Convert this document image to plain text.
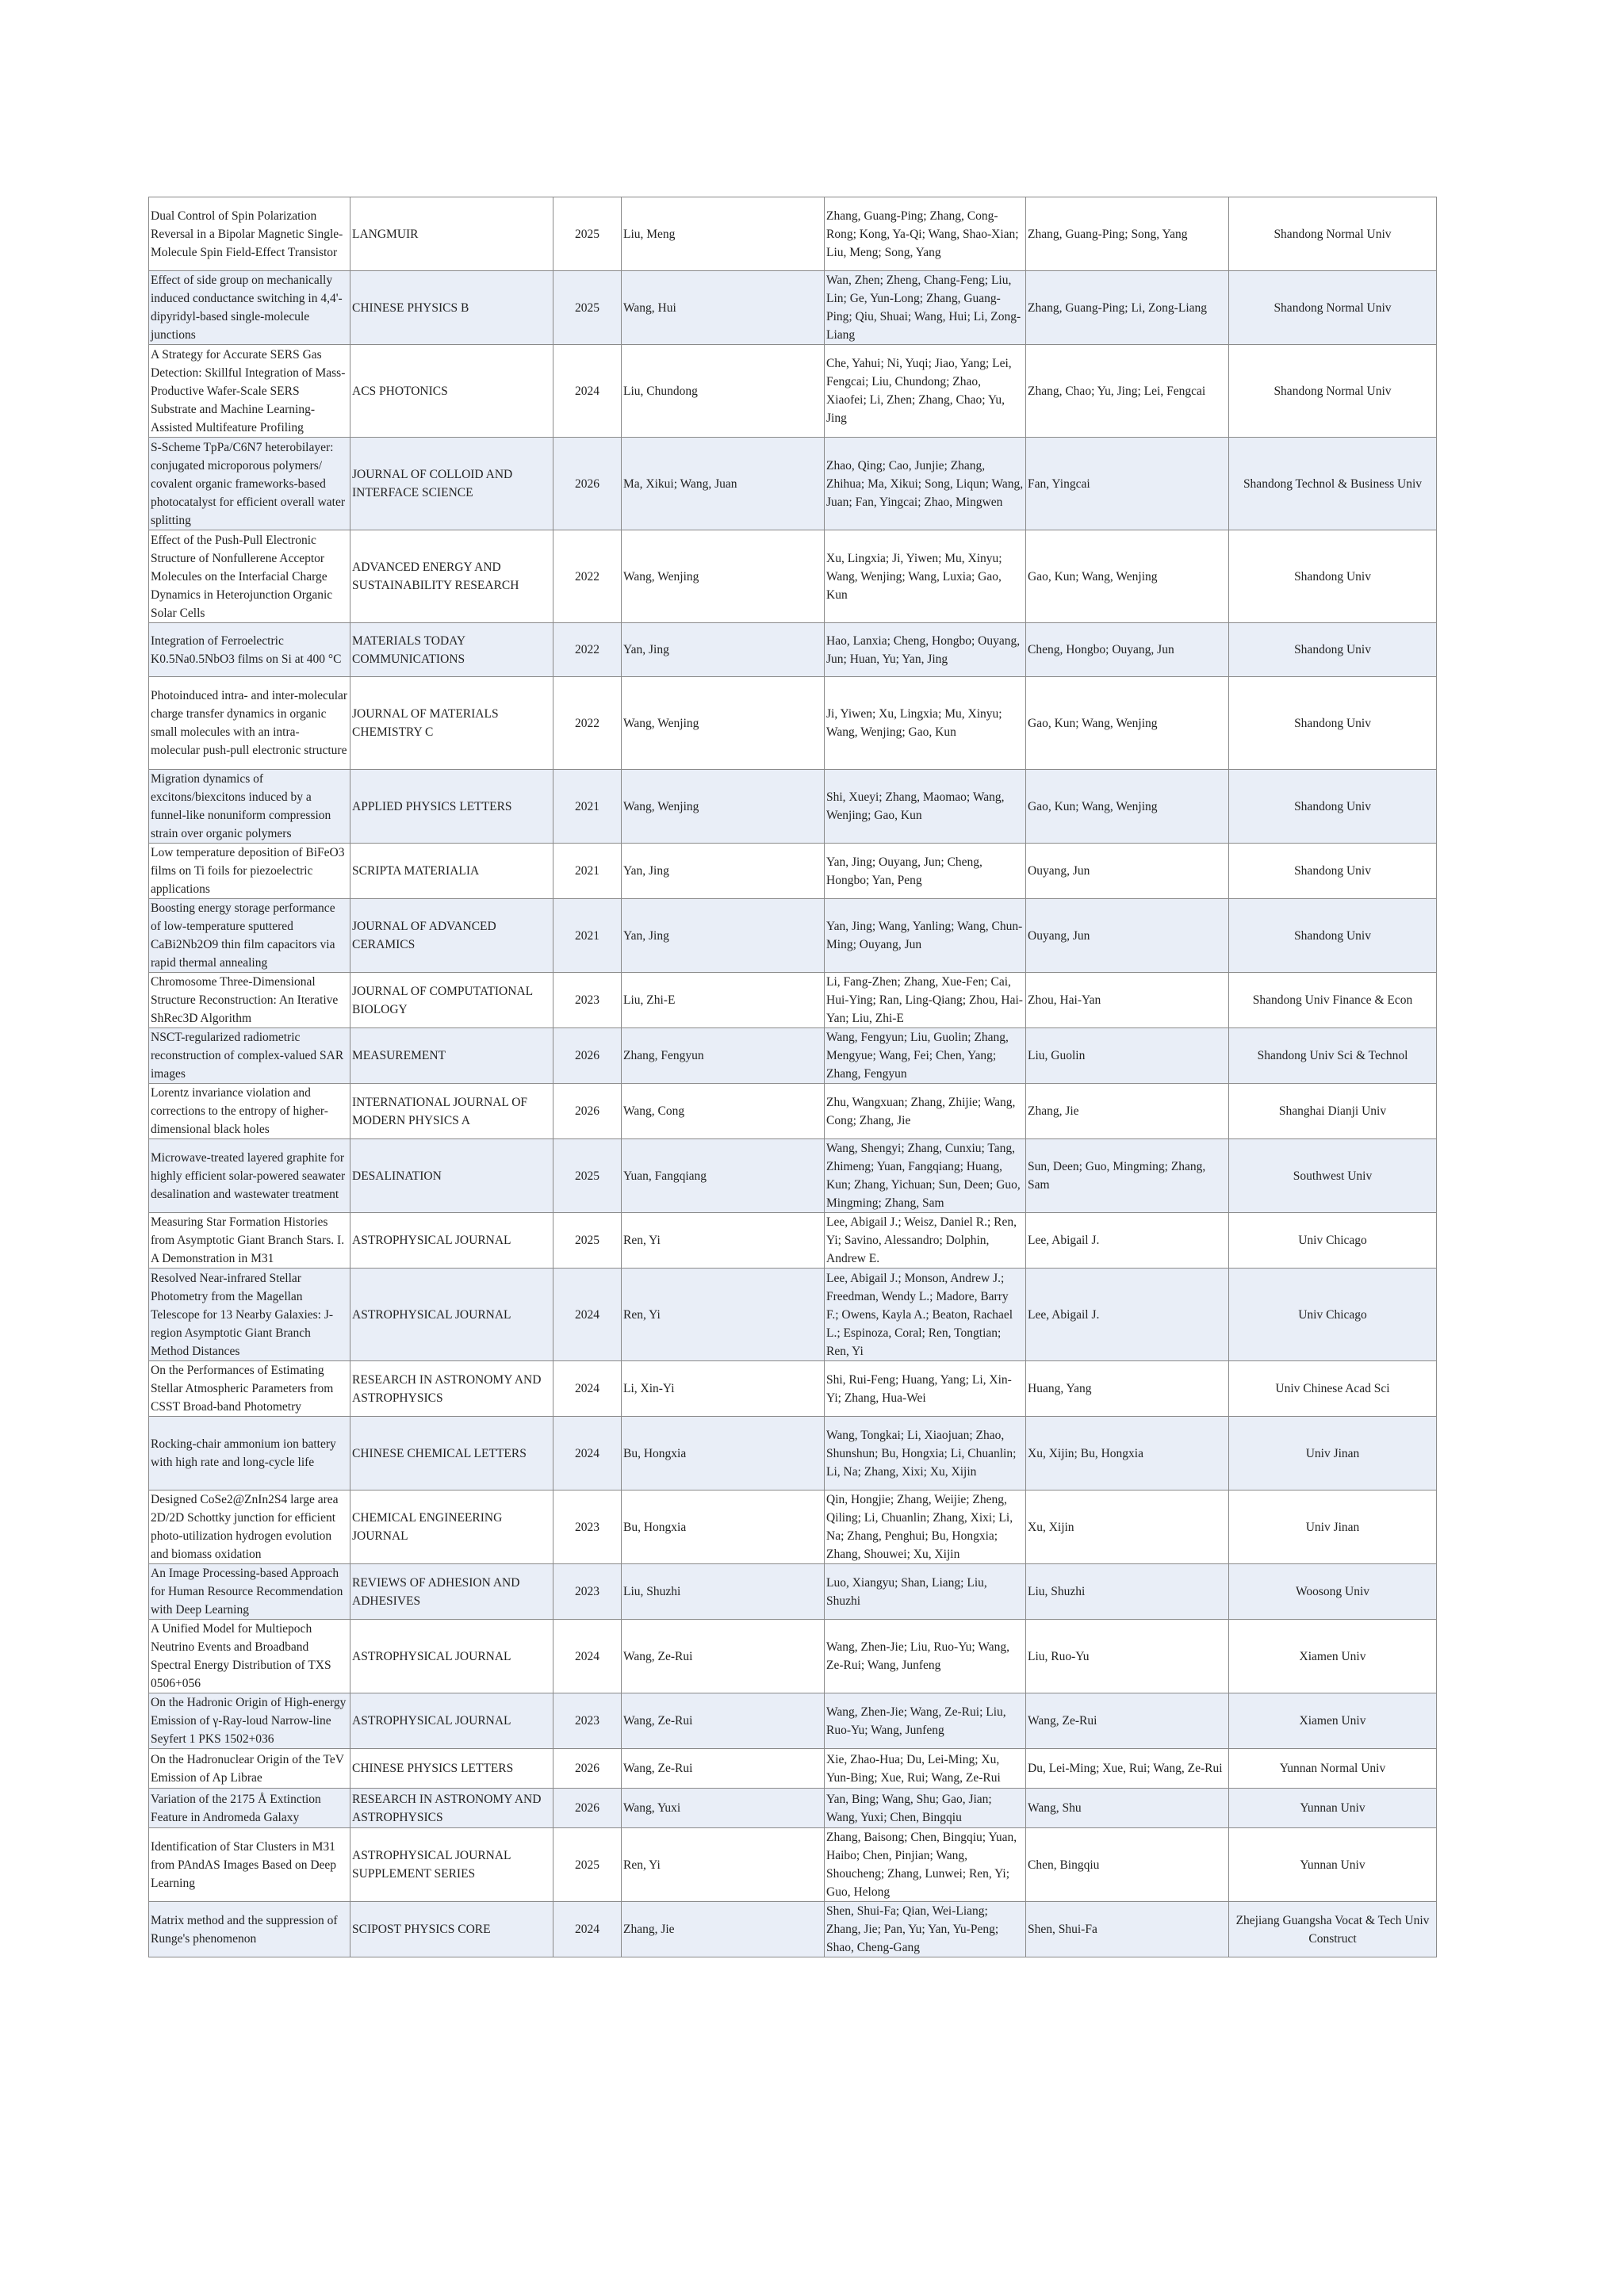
Dual Control of Spin Polarization Reversal in a Bipolar Magnetic Single-Molecule Spin Field-Effect Transistor	LANGMUIR	2025	Liu, Meng	Zhang, Guang-Ping; Zhang, Cong-Rong; Kong, Ya-Qi; Wang, Shao-Xian; Liu, Meng; Song, Yang	Zhang, Guang-Ping; Song, Yang	Shandong Normal Univ
Effect of side group on mechanically induced conductance switching in 4,4'-dipyridyl-based single-molecule junctions	CHINESE PHYSICS B	2025	Wang, Hui	Wan, Zhen; Zheng, Chang-Feng; Liu, Lin; Ge, Yun-Long; Zhang, Guang-Ping; Qiu, Shuai; Wang, Hui; Li, Zong-Liang	Zhang, Guang-Ping; Li, Zong-Liang	Shandong Normal Univ
A Strategy for Accurate SERS Gas Detection: Skillful Integration of Mass-Productive Wafer-Scale SERS Substrate and Machine Learning-Assisted Multifeature Profiling	ACS PHOTONICS	2024	Liu, Chundong	Che, Yahui; Ni, Yuqi; Jiao, Yang; Lei, Fengcai; Liu, Chundong; Zhao, Xiaofei; Li, Zhen; Zhang, Chao; Yu, Jing	Zhang, Chao; Yu, Jing; Lei, Fengcai	Shandong Normal Univ
S-Scheme TpPa/C6N7 heterobilayer: conjugated microporous polymers/ covalent organic frameworks-based photocatalyst for efficient overall water splitting	JOURNAL OF COLLOID AND INTERFACE SCIENCE	2026	Ma, Xikui; Wang, Juan	Zhao, Qing; Cao, Junjie; Zhang, Zhihua; Ma, Xikui; Song, Liqun; Wang, Juan; Fan, Yingcai; Zhao, Mingwen	Fan, Yingcai	Shandong Technol & Business Univ
Effect of the Push-Pull Electronic Structure of Nonfullerene Acceptor Molecules on the Interfacial Charge Dynamics in Heterojunction Organic Solar Cells	ADVANCED ENERGY AND SUSTAINABILITY RESEARCH	2022	Wang, Wenjing	Xu, Lingxia; Ji, Yiwen; Mu, Xinyu; Wang, Wenjing; Wang, Luxia; Gao, Kun	Gao, Kun; Wang, Wenjing	Shandong Univ
Integration of Ferroelectric K0.5Na0.5NbO3 films on Si at 400 °C	MATERIALS TODAY COMMUNICATIONS	2022	Yan, Jing	Hao, Lanxia; Cheng, Hongbo; Ouyang, Jun; Huan, Yu; Yan, Jing	Cheng, Hongbo; Ouyang, Jun	Shandong Univ
Photoinduced intra- and inter-molecular charge transfer dynamics in organic small molecules with an intra-molecular push-pull electronic structure	JOURNAL OF MATERIALS CHEMISTRY C	2022	Wang, Wenjing	Ji, Yiwen; Xu, Lingxia; Mu, Xinyu; Wang, Wenjing; Gao, Kun	Gao, Kun; Wang, Wenjing	Shandong Univ
Migration dynamics of excitons/biexcitons induced by a funnel-like nonuniform compression strain over organic polymers	APPLIED PHYSICS LETTERS	2021	Wang, Wenjing	Shi, Xueyi; Zhang, Maomao; Wang, Wenjing; Gao, Kun	Gao, Kun; Wang, Wenjing	Shandong Univ
Low temperature deposition of BiFeO3 films on Ti foils for piezoelectric applications	SCRIPTA MATERIALIA	2021	Yan, Jing	Yan, Jing; Ouyang, Jun; Cheng, Hongbo; Yan, Peng	Ouyang, Jun	Shandong Univ
Boosting energy storage performance of low-temperature sputtered CaBi2Nb2O9 thin film capacitors via rapid thermal annealing	JOURNAL OF ADVANCED CERAMICS	2021	Yan, Jing	Yan, Jing; Wang, Yanling; Wang, Chun-Ming; Ouyang, Jun	Ouyang, Jun	Shandong Univ
Chromosome Three-Dimensional Structure Reconstruction: An Iterative ShRec3D Algorithm	JOURNAL OF COMPUTATIONAL BIOLOGY	2023	Liu, Zhi-E	Li, Fang-Zhen; Zhang, Xue-Fen; Cai, Hui-Ying; Ran, Ling-Qiang; Zhou, Hai-Yan; Liu, Zhi-E	Zhou, Hai-Yan	Shandong Univ Finance & Econ
NSCT-regularized radiometric reconstruction of complex-valued SAR images	MEASUREMENT	2026	Zhang, Fengyun	Wang, Fengyun; Liu, Guolin; Zhang, Mengyue; Wang, Fei; Chen, Yang; Zhang, Fengyun	Liu, Guolin	Shandong Univ Sci & Technol
Lorentz invariance violation and corrections to the entropy of higher-dimensional black holes	INTERNATIONAL JOURNAL OF MODERN PHYSICS A	2026	Wang, Cong	Zhu, Wangxuan; Zhang, Zhijie; Wang, Cong; Zhang, Jie	Zhang, Jie	Shanghai Dianji Univ
Microwave-treated layered graphite for highly efficient solar-powered seawater desalination and wastewater treatment	DESALINATION	2025	Yuan, Fangqiang	Wang, Shengyi; Zhang, Cunxiu; Tang, Zhimeng; Yuan, Fangqiang; Huang, Kun; Zhang, Yichuan; Sun, Deen; Guo, Mingming; Zhang, Sam	Sun, Deen; Guo, Mingming; Zhang, Sam	Southwest Univ
Measuring Star Formation Histories from Asymptotic Giant Branch Stars. I. A Demonstration in M31	ASTROPHYSICAL JOURNAL	2025	Ren, Yi	Lee, Abigail J.; Weisz, Daniel R.; Ren, Yi; Savino, Alessandro; Dolphin, Andrew E.	Lee, Abigail J.	Univ Chicago
Resolved Near-infrared Stellar Photometry from the Magellan Telescope for 13 Nearby Galaxies: J-region Asymptotic Giant Branch Method Distances	ASTROPHYSICAL JOURNAL	2024	Ren, Yi	Lee, Abigail J.; Monson, Andrew J.; Freedman, Wendy L.; Madore, Barry F.; Owens, Kayla A.; Beaton, Rachael L.; Espinoza, Coral; Ren, Tongtian; Ren, Yi	Lee, Abigail J.	Univ Chicago
On the Performances of Estimating Stellar Atmospheric Parameters from CSST Broad-band Photometry	RESEARCH IN ASTRONOMY AND ASTROPHYSICS	2024	Li, Xin-Yi	Shi, Rui-Feng; Huang, Yang; Li, Xin-Yi; Zhang, Hua-Wei	Huang, Yang	Univ Chinese Acad Sci
Rocking-chair ammonium ion battery with high rate and long-cycle life	CHINESE CHEMICAL LETTERS	2024	Bu, Hongxia	Wang, Tongkai; Li, Xiaojuan; Zhao, Shunshun; Bu, Hongxia; Li, Chuanlin; Li, Na; Zhang, Xixi; Xu, Xijin	Xu, Xijin; Bu, Hongxia	Univ Jinan
Designed CoSe2@ZnIn2S4 large area 2D/2D Schottky junction for efficient photo-utilization hydrogen evolution and biomass oxidation	CHEMICAL ENGINEERING JOURNAL	2023	Bu, Hongxia	Qin, Hongjie; Zhang, Weijie; Zheng, Qiling; Li, Chuanlin; Zhang, Xixi; Li, Na; Zhang, Penghui; Bu, Hongxia; Zhang, Shouwei; Xu, Xijin	Xu, Xijin	Univ Jinan
An Image Processing-based Approach for Human Resource Recommendation with Deep Learning	REVIEWS OF ADHESION AND ADHESIVES	2023	Liu, Shuzhi	Luo, Xiangyu; Shan, Liang; Liu, Shuzhi	Liu, Shuzhi	Woosong Univ
A Unified Model for Multiepoch Neutrino Events and Broadband Spectral Energy Distribution of TXS 0506+056	ASTROPHYSICAL JOURNAL	2024	Wang, Ze-Rui	Wang, Zhen-Jie; Liu, Ruo-Yu; Wang, Ze-Rui; Wang, Junfeng	Liu, Ruo-Yu	Xiamen Univ
On the Hadronic Origin of High-energy Emission of γ-Ray-loud Narrow-line Seyfert 1 PKS 1502+036	ASTROPHYSICAL JOURNAL	2023	Wang, Ze-Rui	Wang, Zhen-Jie; Wang, Ze-Rui; Liu, Ruo-Yu; Wang, Junfeng	Wang, Ze-Rui	Xiamen Univ
On the Hadronuclear Origin of the TeV Emission of Ap Librae	CHINESE PHYSICS LETTERS	2026	Wang, Ze-Rui	Xie, Zhao-Hua; Du, Lei-Ming; Xu, Yun-Bing; Xue, Rui; Wang, Ze-Rui	Du, Lei-Ming; Xue, Rui; Wang, Ze-Rui	Yunnan Normal Univ
Variation of the 2175 Å Extinction Feature in Andromeda Galaxy	RESEARCH IN ASTRONOMY AND ASTROPHYSICS	2026	Wang, Yuxi	Yan, Bing; Wang, Shu; Gao, Jian; Wang, Yuxi; Chen, Bingqiu	Wang, Shu	Yunnan Univ
Identification of Star Clusters in M31 from PAndAS Images Based on Deep Learning	ASTROPHYSICAL JOURNAL SUPPLEMENT SERIES	2025	Ren, Yi	Zhang, Baisong; Chen, Bingqiu; Yuan, Haibo; Chen, Pinjian; Wang, Shoucheng; Zhang, Lunwei; Ren, Yi; Guo, Helong	Chen, Bingqiu	Yunnan Univ
Matrix method and the suppression of Runge's phenomenon	SCIPOST PHYSICS CORE	2024	Zhang, Jie	Shen, Shui-Fa; Qian, Wei-Liang; Zhang, Jie; Pan, Yu; Yan, Yu-Peng; Shao, Cheng-Gang	Shen, Shui-Fa	Zhejiang Guangsha Vocat & Tech Univ Construct
